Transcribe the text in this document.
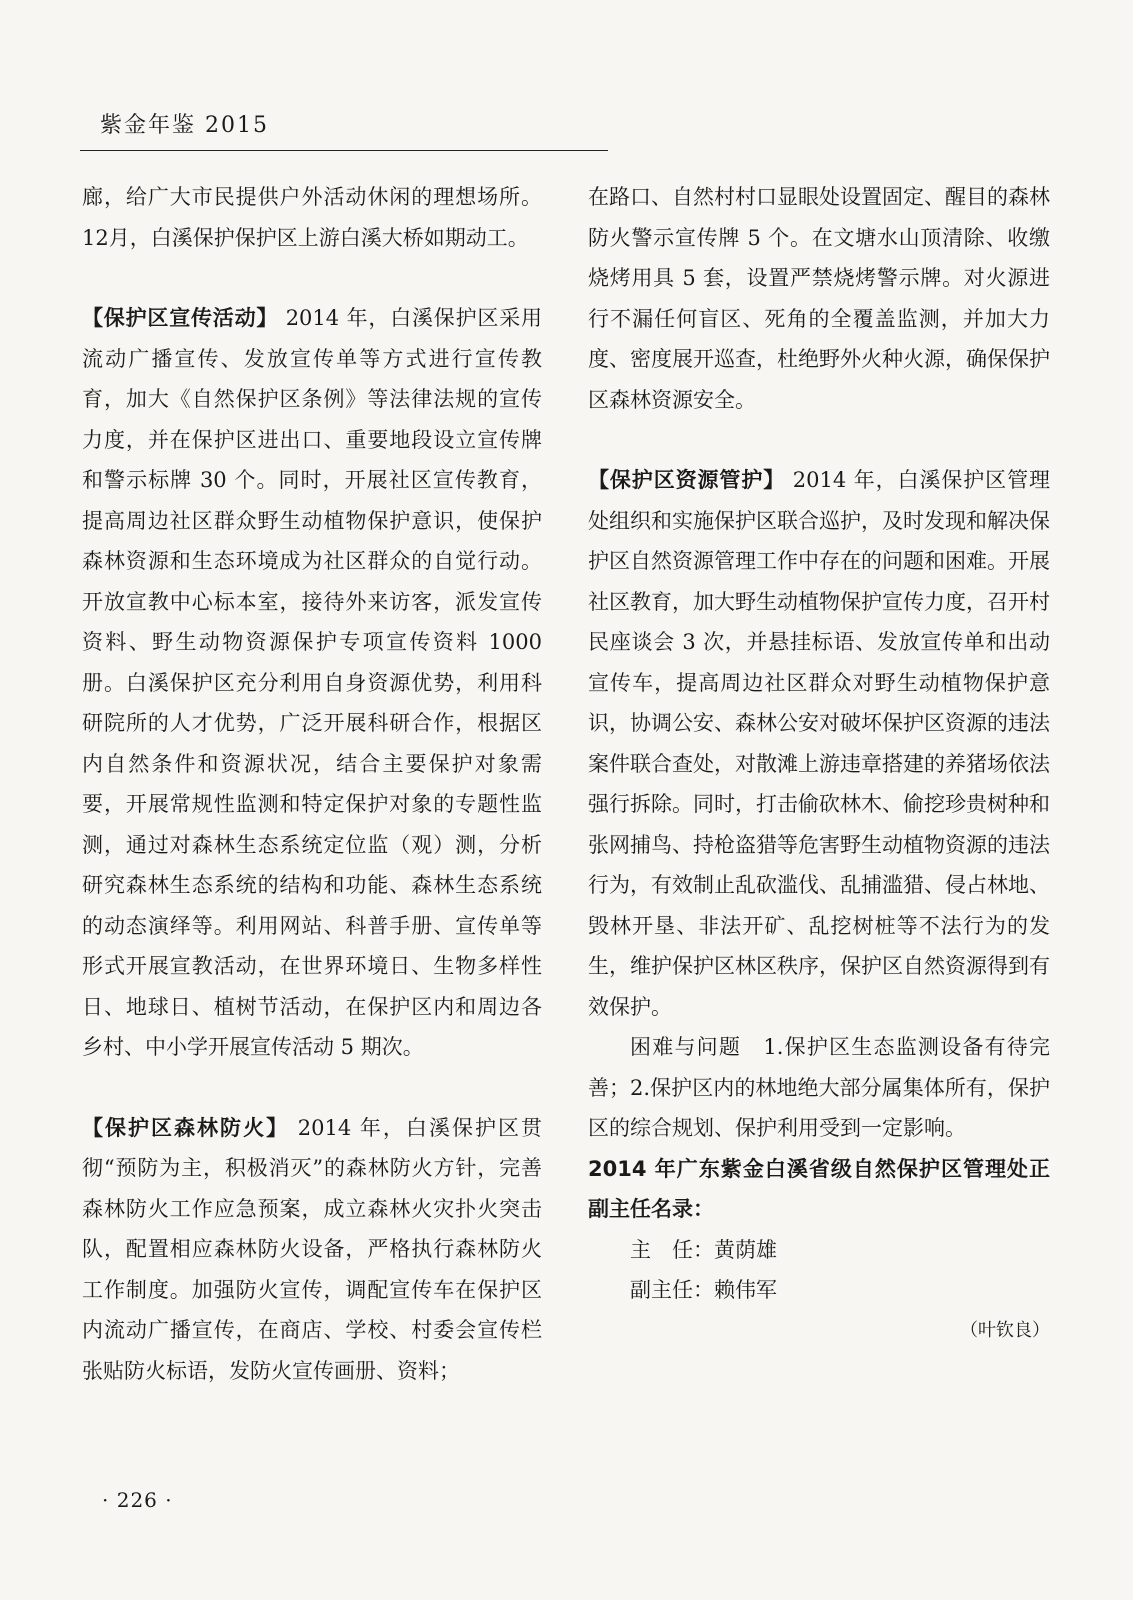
紫金年鉴 2015

廊，给广大市民提供户外活动休闲的理想场所。12月，白溪保护保护区上游白溪大桥如期动工。

【保护区宣传活动】 2014 年，白溪保护区采用流动广播宣传、发放宣传单等方式进行宣传教育，加大《自然保护区条例》等法律法规的宣传力度，并在保护区进出口、重要地段设立宣传牌和警示标牌 30 个。同时，开展社区宣传教育，提高周边社区群众野生动植物保护意识，使保护森林资源和生态环境成为社区群众的自觉行动。开放宣教中心标本室，接待外来访客，派发宣传资料、野生动物资源保护专项宣传资料 1000 册。白溪保护区充分利用自身资源优势，利用科研院所的人才优势，广泛开展科研合作，根据区内自然条件和资源状况，结合主要保护对象需要，开展常规性监测和特定保护对象的专题性监测，通过对森林生态系统定位监（观）测，分析研究森林生态系统的结构和功能、森林生态系统的动态演绎等。利用网站、科普手册、宣传单等形式开展宣教活动，在世界环境日、生物多样性日、地球日、植树节活动，在保护区内和周边各乡村、中小学开展宣传活动 5 期次。

【保护区森林防火】 2014 年，白溪保护区贯彻“预防为主，积极消灭”的森林防火方针，完善森林防火工作应急预案，成立森林火灾扑火突击队，配置相应森林防火设备，严格执行森林防火工作制度。加强防火宣传，调配宣传车在保护区内流动广播宣传，在商店、学校、村委会宣传栏张贴防火标语，发防火宣传画册、资料；

在路口、自然村村口显眼处设置固定、醒目的森林防火警示宣传牌 5 个。在文塘水山顶清除、收缴烧烤用具 5 套，设置严禁烧烤警示牌。对火源进行不漏任何盲区、死角的全覆盖监测，并加大力度、密度展开巡查，杜绝野外火种火源，确保保护区森林资源安全。

【保护区资源管护】 2014 年，白溪保护区管理处组织和实施保护区联合巡护，及时发现和解决保护区自然资源管理工作中存在的问题和困难。开展社区教育，加大野生动植物保护宣传力度，召开村民座谈会 3 次，并悬挂标语、发放宣传单和出动宣传车，提高周边社区群众对野生动植物保护意识，协调公安、森林公安对破坏保护区资源的违法案件联合查处，对散滩上游违章搭建的养猪场依法强行拆除。同时，打击偷砍林木、偷挖珍贵树种和张网捕鸟、持枪盗猎等危害野生动植物资源的违法行为，有效制止乱砍滥伐、乱捕滥猎、侵占林地、毁林开垦、非法开矿、乱挖树桩等不法行为的发生，维护保护区林区秩序，保护区自然资源得到有效保护。

困难与问题　 1.保护区生态监测设备有待完善；2.保护区内的林地绝大部分属集体所有，保护区的综合规划、保护利用受到一定影响。

2014 年广东紫金白溪省级自然保护区管理处正副主任名录：

主　任：黄荫雄

副主任：赖伟军

（叶钦良）

· 226 ·
